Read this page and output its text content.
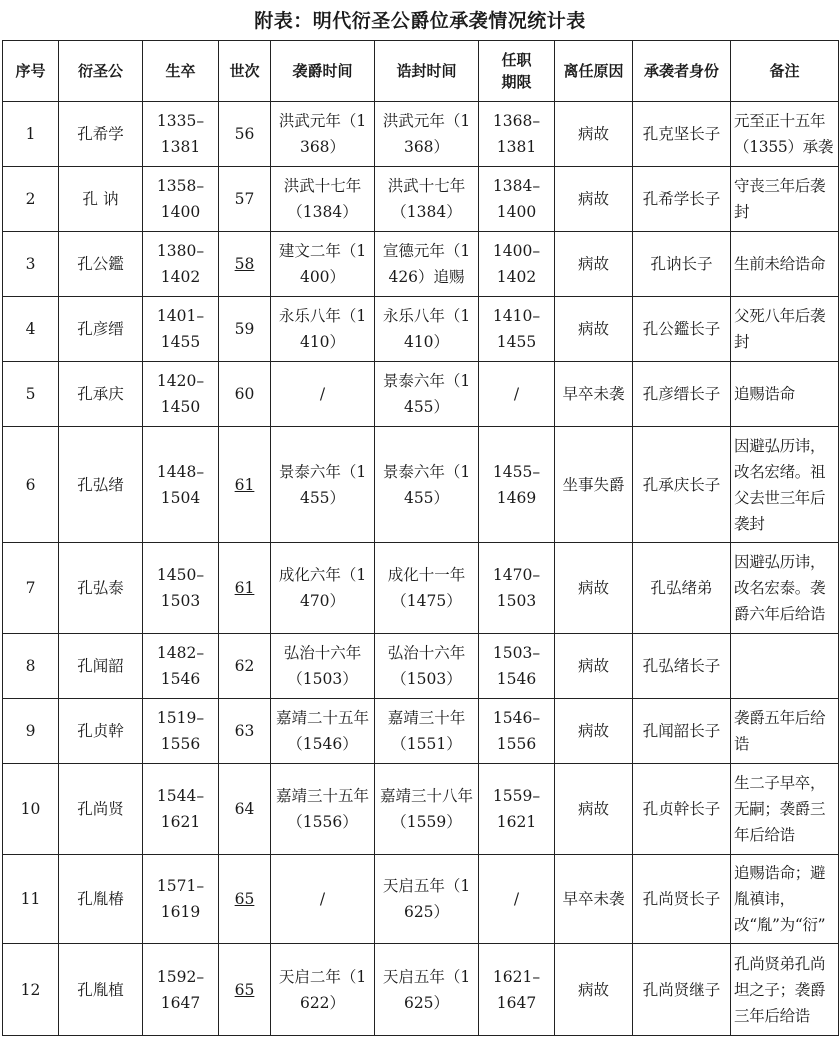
附表：明代衍圣公爵位承袭情况统计表
序号	衍圣公	生卒	世次	袭爵时间	诰封时间	任职期限	离任原因	承袭者身份	备注
1	孔希学	1335–1381	56	洪武元年（1368）	洪武元年（1368）	1368–1381	病故	孔克坚长子	元至正十五年（1355）承袭
2	孔 讷	1358–1400	57	洪武十七年（1384）	洪武十七年（1384）	1384–1400	病故	孔希学长子	守丧三年后袭封
3	孔公鑑	1380–1402	58	建文二年（1400）	宣德元年（1426）追赐	1400–1402	病故	孔讷长子	生前未给诰命
4	孔彦缙	1401–1455	59	永乐八年（1410）	永乐八年（1410）	1410–1455	病故	孔公鑑长子	父死八年后袭封
5	孔承庆	1420–1450	60	/	景泰六年（1455）	/	早卒未袭	孔彦缙长子	追赐诰命
6	孔弘绪	1448–1504	61	景泰六年（1455）	景泰六年（1455）	1455–1469	坐事失爵	孔承庆长子	因避弘历讳，改名宏绪。祖父去世三年后袭封
7	孔弘泰	1450–1503	61	成化六年（1470）	成化十一年（1475）	1470–1503	病故	孔弘绪弟	因避弘历讳，改名宏泰。袭爵六年后给诰
8	孔闻韶	1482–1546	62	弘治十六年（1503）	弘治十六年（1503）	1503–1546	病故	孔弘绪长子	
9	孔贞幹	1519–1556	63	嘉靖二十五年（1546）	嘉靖三十年（1551）	1546–1556	病故	孔闻韶长子	袭爵五年后给诰
10	孔尚贤	1544–1621	64	嘉靖三十五年（1556）	嘉靖三十八年（1559）	1559–1621	病故	孔贞幹长子	生二子早卒，无嗣；袭爵三年后给诰
11	孔胤椿	1571–1619	65	/	天启五年（1625）	/	早卒未袭	孔尚贤长子	追赐诰命；避胤禛讳，改“胤”为“衍”
12	孔胤植	1592–1647	65	天启二年（1622）	天启五年（1625）	1621–1647	病故	孔尚贤继子	孔尚贤弟孔尚坦之子；袭爵三年后给诰
